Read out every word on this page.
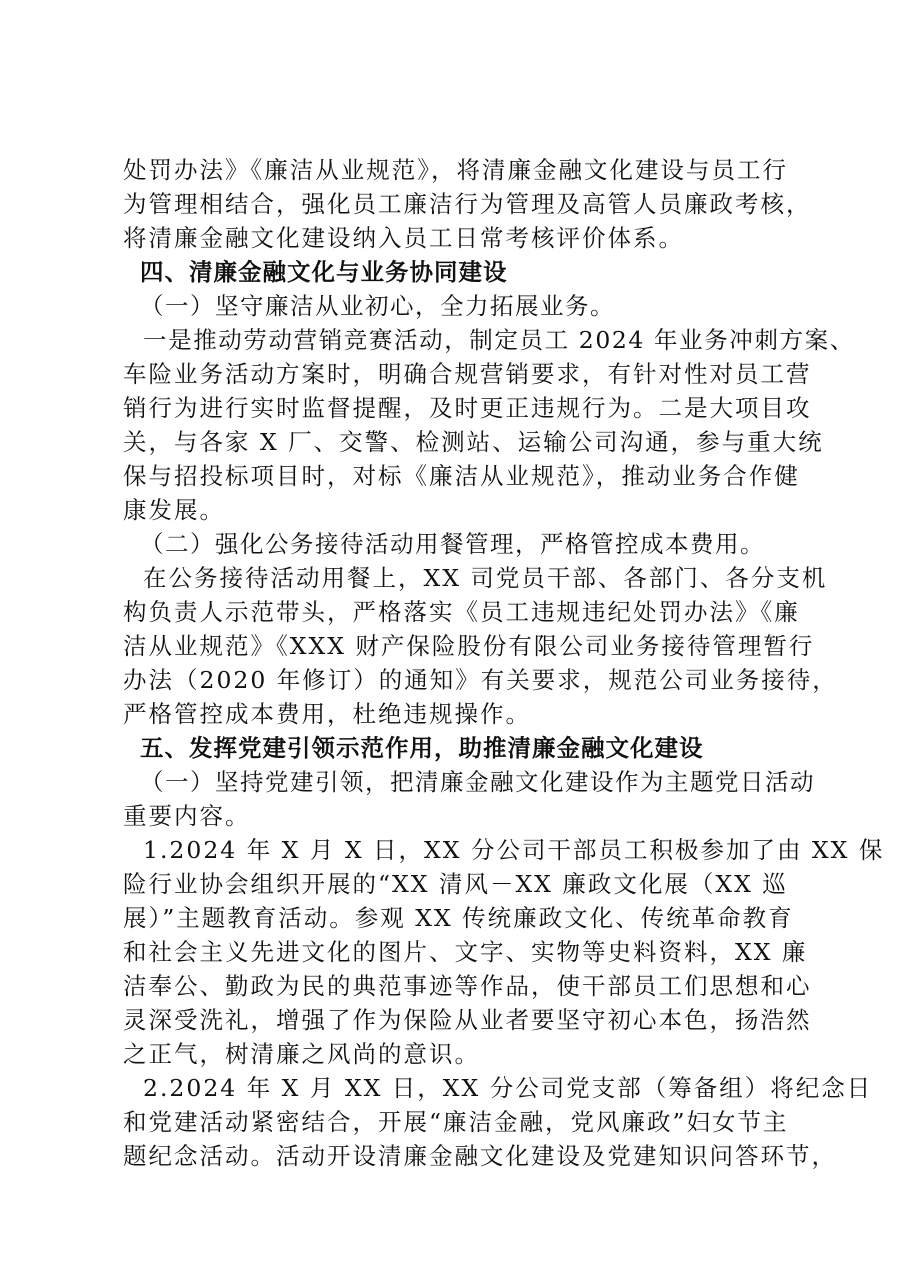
处罚办法》《廉洁从业规范》，将清廉金融文化建设与员工行
为管理相结合，强化员工廉洁行为管理及高管人员廉政考核，
将清廉金融文化建设纳入员工日常考核评价体系。
四、清廉金融文化与业务协同建设
（一）坚守廉洁从业初心，全力拓展业务。
一是推动劳动营销竞赛活动，制定员工 2024 年业务冲刺方案、
车险业务活动方案时，明确合规营销要求，有针对性对员工营
销行为进行实时监督提醒，及时更正违规行为。二是大项目攻
关，与各家 X 厂、交警、检测站、运输公司沟通，参与重大统
保与招投标项目时，对标《廉洁从业规范》，推动业务合作健
康发展。
（二）强化公务接待活动用餐管理，严格管控成本费用。
在公务接待活动用餐上，XX 司党员干部、各部门、各分支机
构负责人示范带头，严格落实《员工违规违纪处罚办法》《廉
洁从业规范》《XXX 财产保险股份有限公司业务接待管理暂行
办法（2020 年修订）的通知》有关要求，规范公司业务接待，
严格管控成本费用，杜绝违规操作。
五、发挥党建引领示范作用，助推清廉金融文化建设
（一）坚持党建引领，把清廉金融文化建设作为主题党日活动
重要内容。
1.2024 年 X 月 X 日，XX 分公司干部员工积极参加了由 XX 保
险行业协会组织开展的“XX 清风－XX 廉政文化展（XX 巡
展）”主题教育活动。参观 XX 传统廉政文化、传统革命教育
和社会主义先进文化的图片、文字、实物等史料资料，XX 廉
洁奉公、勤政为民的典范事迹等作品，使干部员工们思想和心
灵深受洗礼，增强了作为保险从业者要坚守初心本色，扬浩然
之正气，树清廉之风尚的意识。
2.2024 年 X 月 XX 日，XX 分公司党支部（筹备组）将纪念日
和党建活动紧密结合，开展“廉洁金融，党风廉政”妇女节主
题纪念活动。活动开设清廉金融文化建设及党建知识问答环节，
